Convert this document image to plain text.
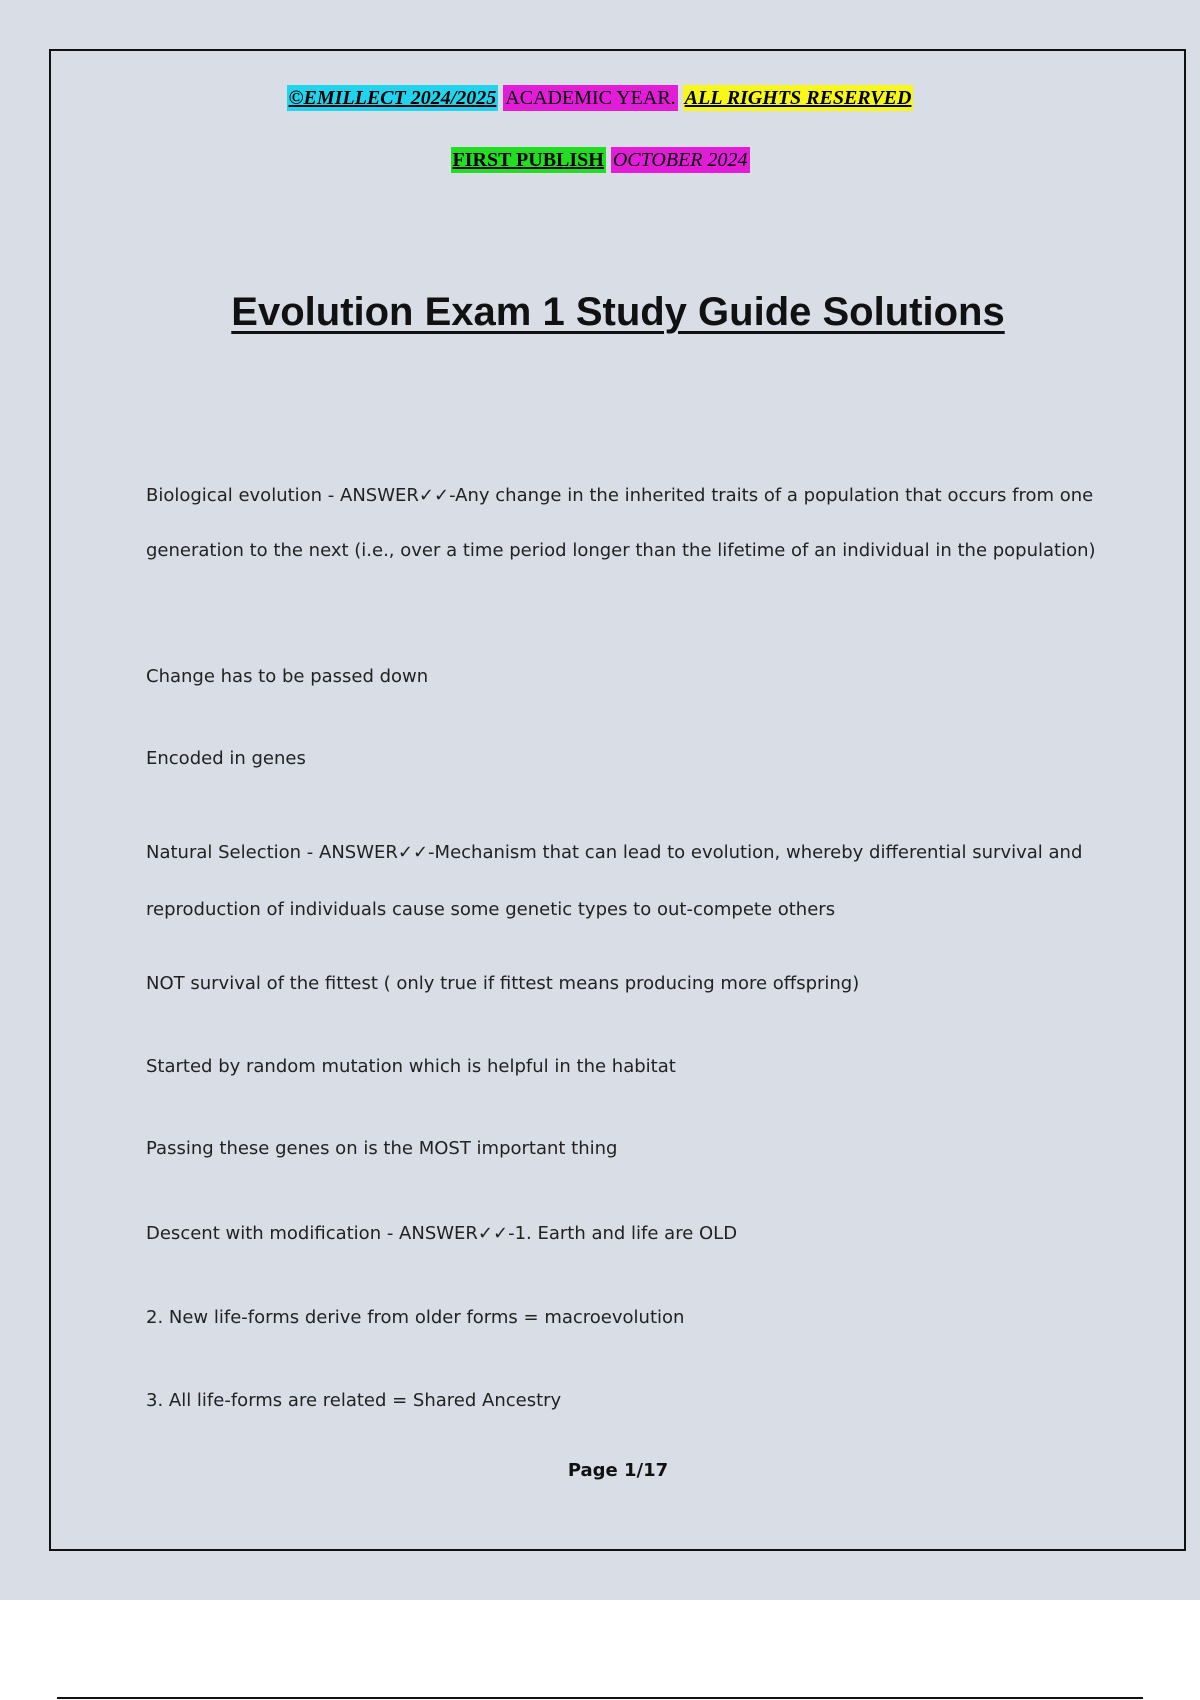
©EMILLECT 2024/2025 ACADEMIC YEAR. ALL RIGHTS RESERVED
FIRST PUBLISH OCTOBER 2024
Evolution Exam 1 Study Guide Solutions
Biological evolution - ANSWER✓✓-Any change in the inherited traits of a population that occurs from one generation to the next (i.e., over a time period longer than the lifetime of an individual in the population)
Change has to be passed down
Encoded in genes
Natural Selection - ANSWER✓✓-Mechanism that can lead to evolution, whereby differential survival and reproduction of individuals cause some genetic types to out-compete others
NOT survival of the fittest ( only true if fittest means producing more offspring)
Started by random mutation which is helpful in the habitat
Passing these genes on is the MOST important thing
Descent with modification - ANSWER✓✓-1. Earth and life are OLD
2. New life-forms derive from older forms = macroevolution
3. All life-forms are related = Shared Ancestry
Page 1/17
